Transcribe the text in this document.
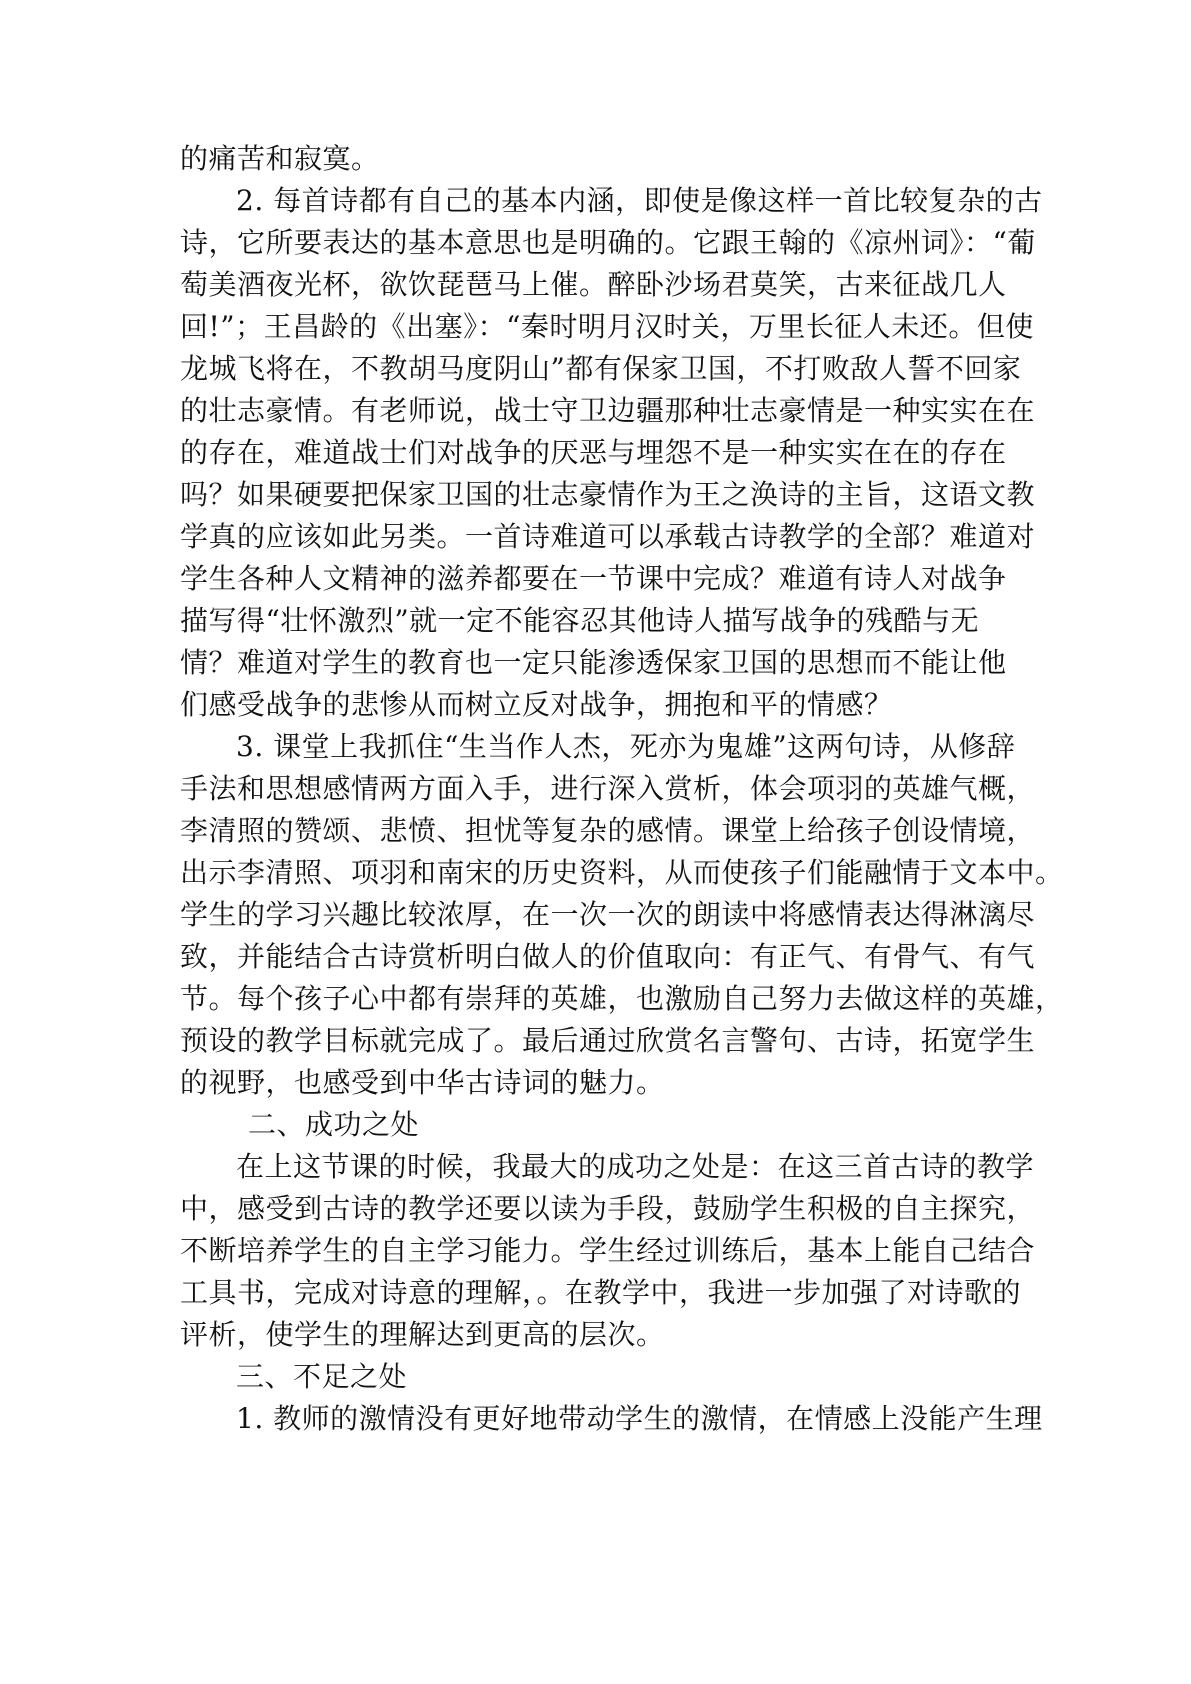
的痛苦和寂寞。
2. 每首诗都有自己的基本内涵，即使是像这样一首比较复杂的古
诗，它所要表达的基本意思也是明确的。它跟王翰的《凉州词》：“葡
萄美酒夜光杯，欲饮琵琶马上催。醉卧沙场君莫笑，古来征战几人
回!”；王昌龄的《出塞》：“秦时明月汉时关，万里长征人未还。但使
龙城飞将在，不教胡马度阴山”都有保家卫国，不打败敌人誓不回家
的壮志豪情。有老师说，战士守卫边疆那种壮志豪情是一种实实在在
的存在，难道战士们对战争的厌恶与埋怨不是一种实实在在的存在
吗？如果硬要把保家卫国的壮志豪情作为王之涣诗的主旨，这语文教
学真的应该如此另类。一首诗难道可以承载古诗教学的全部？难道对
学生各种人文精神的滋养都要在一节课中完成？难道有诗人对战争
描写得“壮怀激烈”就一定不能容忍其他诗人描写战争的残酷与无
情？难道对学生的教育也一定只能渗透保家卫国的思想而不能让他
们感受战争的悲惨从而树立反对战争，拥抱和平的情感？
3. 课堂上我抓住“生当作人杰，死亦为鬼雄”这两句诗，从修辞
手法和思想感情两方面入手，进行深入赏析，体会项羽的英雄气概，
李清照的赞颂、悲愤、担忧等复杂的感情。课堂上给孩子创设情境，
出示李清照、项羽和南宋的历史资料，从而使孩子们能融情于文本中。
学生的学习兴趣比较浓厚，在一次一次的朗读中将感情表达得淋漓尽
致，并能结合古诗赏析明白做人的价值取向：有正气、有骨气、有气
节。每个孩子心中都有崇拜的英雄，也激励自己努力去做这样的英雄，
预设的教学目标就完成了。最后通过欣赏名言警句、古诗，拓宽学生
的视野，也感受到中华古诗词的魅力。
二、成功之处
在上这节课的时候，我最大的成功之处是：在这三首古诗的教学
中，感受到古诗的教学还要以读为手段，鼓励学生积极的自主探究，
不断培养学生的自主学习能力。学生经过训练后，基本上能自己结合
工具书，完成对诗意的理解，。在教学中，我进一步加强了对诗歌的
评析，使学生的理解达到更高的层次。
三、不足之处
1. 教师的激情没有更好地带动学生的激情，在情感上没能产生理
